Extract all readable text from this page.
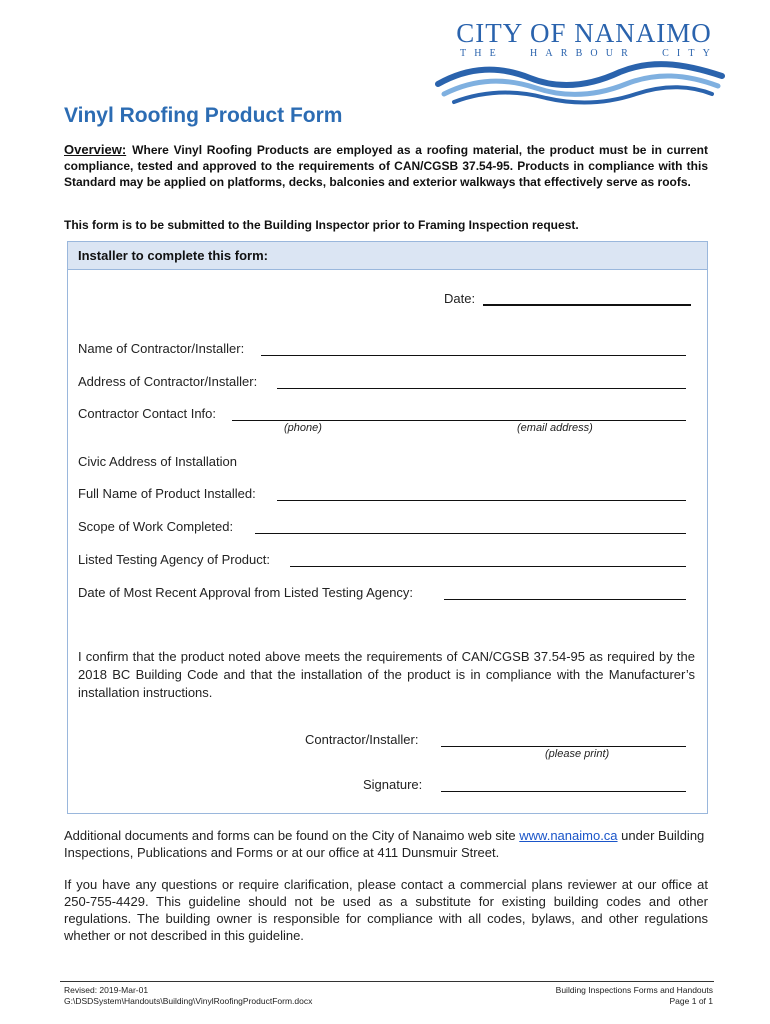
CITY OF NANAIMO
T H E	H A R B O U R	C I T Y
Vinyl Roofing Product Form
Overview: Where Vinyl Roofing Products are employed as a roofing material, the product must be in current compliance, tested and approved to the requirements of CAN/CGSB 37.54-95. Products in compliance with this Standard may be applied on platforms, decks, balconies and exterior walkways that effectively serve as roofs.
This form is to be submitted to the Building Inspector prior to Framing Inspection request.
Installer to complete this form:
Date:
Name of Contractor/Installer:
Address of Contractor/Installer:
Contractor Contact Info:
(phone)	(email address)
Civic Address of Installation
Full Name of Product Installed:
Scope of Work Completed:
Listed Testing Agency of Product:
Date of Most Recent Approval from Listed Testing Agency:
I confirm that the product noted above meets the requirements of CAN/CGSB 37.54-95 as required by the 2018 BC Building Code and that the installation of the product is in compliance with the Manufacturer’s installation instructions.
Contractor/Installer:
(please print)
Signature:
Additional documents and forms can be found on the City of Nanaimo web site www.nanaimo.ca under Building Inspections, Publications and Forms or at our office at 411 Dunsmuir Street.
If you have any questions or require clarification, please contact a commercial plans reviewer at our office at 250-755-4429. This guideline should not be used as a substitute for existing building codes and other regulations. The building owner is responsible for compliance with all codes, bylaws, and other regulations whether or not described in this guideline.
Revised: 2019-Mar-01
G:\DSDSystem\Handouts\Building\VinylRoofingProductForm.docx
Building Inspections Forms and Handouts
Page 1 of 1
